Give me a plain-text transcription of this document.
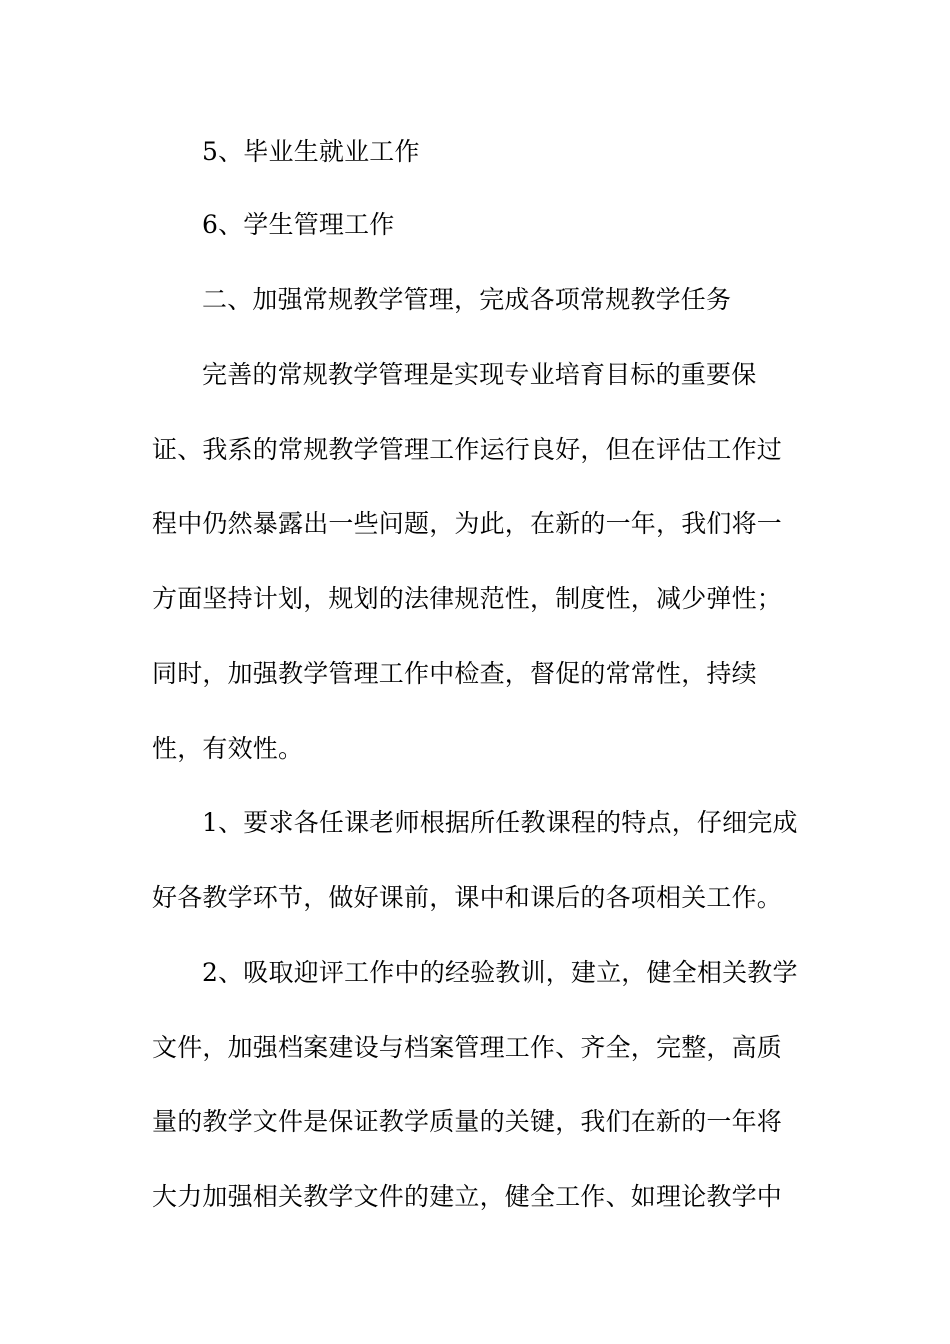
5、毕业生就业工作
6、学生管理工作
二、加强常规教学管理，完成各项常规教学任务
完善的常规教学管理是实现专业培育目标的重要保
证、我系的常规教学管理工作运行良好，但在评估工作过
程中仍然暴露出一些问题，为此，在新的一年，我们将一
方面坚持计划，规划的法律规范性，制度性，减少弹性；
同时，加强教学管理工作中检查，督促的常常性，持续
性，有效性。
1、要求各任课老师根据所任教课程的特点，仔细完成
好各教学环节，做好课前，课中和课后的各项相关工作。
2、吸取迎评工作中的经验教训，建立，健全相关教学
文件，加强档案建设与档案管理工作、齐全，完整，高质
量的教学文件是保证教学质量的关键，我们在新的一年将
大力加强相关教学文件的建立，健全工作、如理论教学中
